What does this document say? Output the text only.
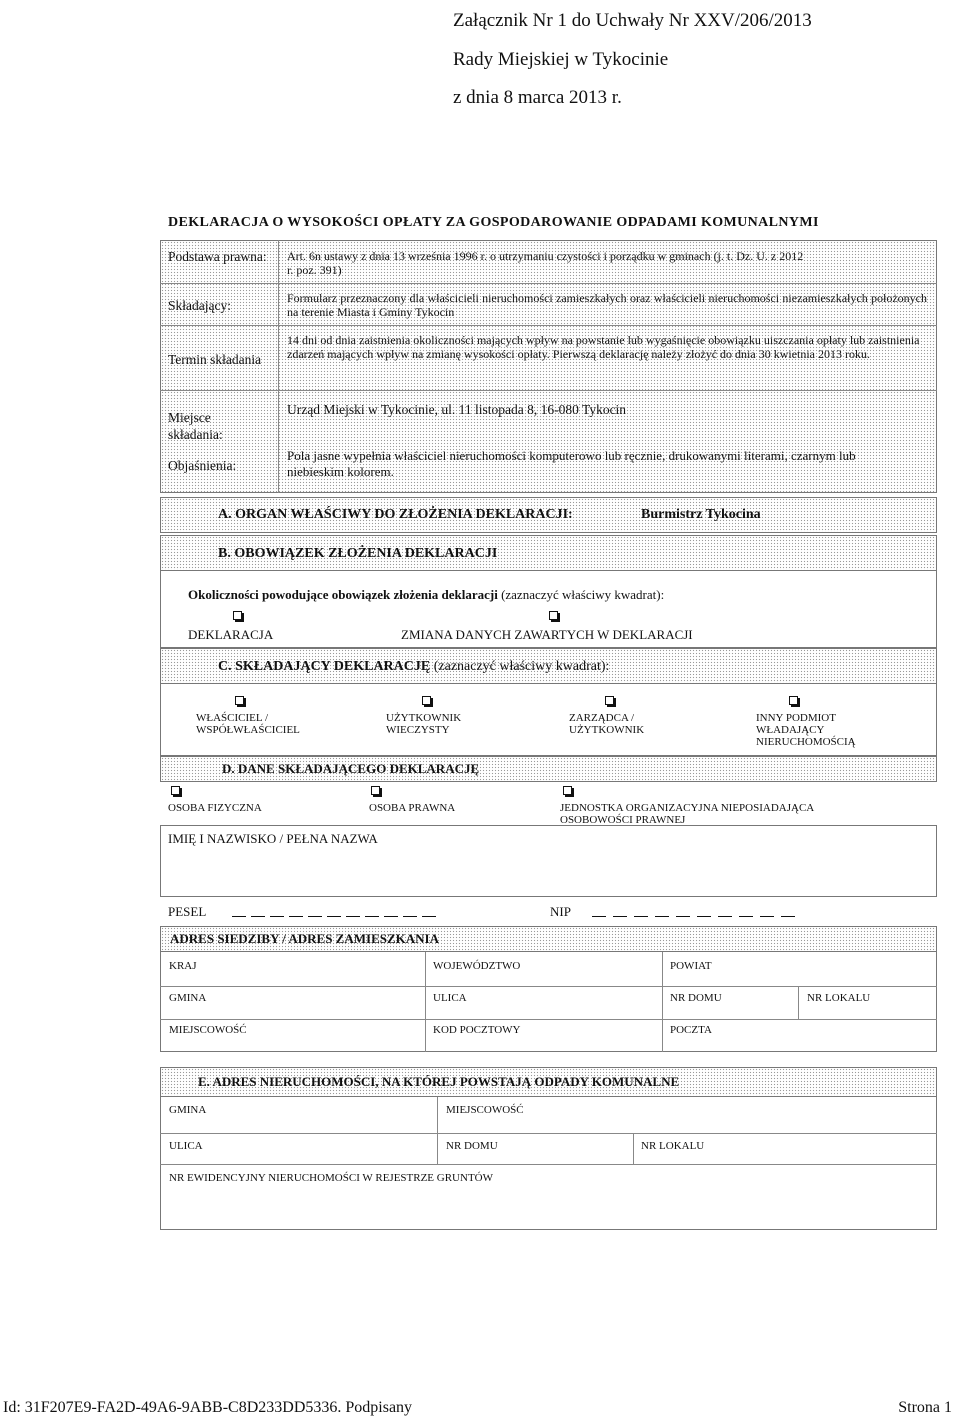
Załącznik Nr 1 do Uchwały Nr XXV/206/2013
Rady Miejskiej w Tykocinie
z dnia 8 marca 2013 r.
DEKLARACJA O WYSOKOŚCI OPŁATY ZA GOSPODAROWANIE ODPADAMI KOMUNALNYMI
Podstawa prawna: Art. 6n ustawy z dnia 13 września 1996 r. o utrzymaniu czystości i porządku w gminach (j. t. Dz. U. z 2012 r. poz. 391)
Składający:	Formularz przeznaczony dla właścicieli nieruchomości zamieszkałych oraz właścicieli nieruchomości niezamieszkałych położonych na terenie Miasta i Gminy Tykocin
Termin składania
14 dni od dnia zaistnienia okoliczności mających wpływ na powstanie lub wygaśnięcie obowiązku uiszczania opłaty lub zaistnienia zdarzeń mających wpływ na zmianę wysokości opłaty. Pierwszą deklarację należy złożyć do dnia 30 kwietnia 2013 roku.
Miejsce składania:
Urząd Miejski w Tykocinie, ul. 11 listopada 8, 16-080 Tykocin
Objaśnienia:
Pola jasne wypełnia właściciel nieruchomości komputerowo lub ręcznie, drukowanymi literami, czarnym lub niebieskim kolorem.
A. ORGAN WŁAŚCIWY DO ZŁOŻENIA DEKLARACJI:	Burmistrz Tykocina
B. OBOWIĄZEK ZŁOŻENIA DEKLARACJI
Okoliczności powodujące obowiązek złożenia deklaracji (zaznaczyć właściwy kwadrat):
DEKLARACJA	ZMIANA DANYCH ZAWARTYCH W DEKLARACJI
C. SKŁADAJĄCY DEKLARACJĘ (zaznaczyć właściwy kwadrat):
WŁAŚCICIEL / WSPÓŁWŁAŚCICIEL
UŻYTKOWNIK WIECZYSTY
ZARZĄDCA / UŻYTKOWNIK
INNY PODMIOT WŁADAJĄCY NIERUCHOMOŚCIĄ
D. DANE SKŁADAJĄCEGO DEKLARACJĘ
OSOBA FIZYCZNA	OSOBA PRAWNA	JEDNOSTKA ORGANIZACYJNA NIEPOSIADAJĄCA OSOBOWOŚCI PRAWNEJ
IMIĘ I NAZWISKO / PEŁNA NAZWA
PESEL	NIP
ADRES SIEDZIBY / ADRES ZAMIESZKANIA
KRAJ	WOJEWÓDZTWO	POWIAT
GMINA	ULICA	NR DOMU	NR LOKALU
MIEJSCOWOŚĆ	KOD POCZTOWY	POCZTA
E. ADRES NIERUCHOMOŚCI, NA KTÓREJ POWSTAJĄ ODPADY KOMUNALNE
GMINA	MIEJSCOWOŚĆ
ULICA	NR DOMU	NR LOKALU
NR EWIDENCYJNY NIERUCHOMOŚCI W REJESTRZE GRUNTÓW
Id: 31F207E9-FA2D-49A6-9ABB-C8D233DD5336. Podpisany	Strona 1
